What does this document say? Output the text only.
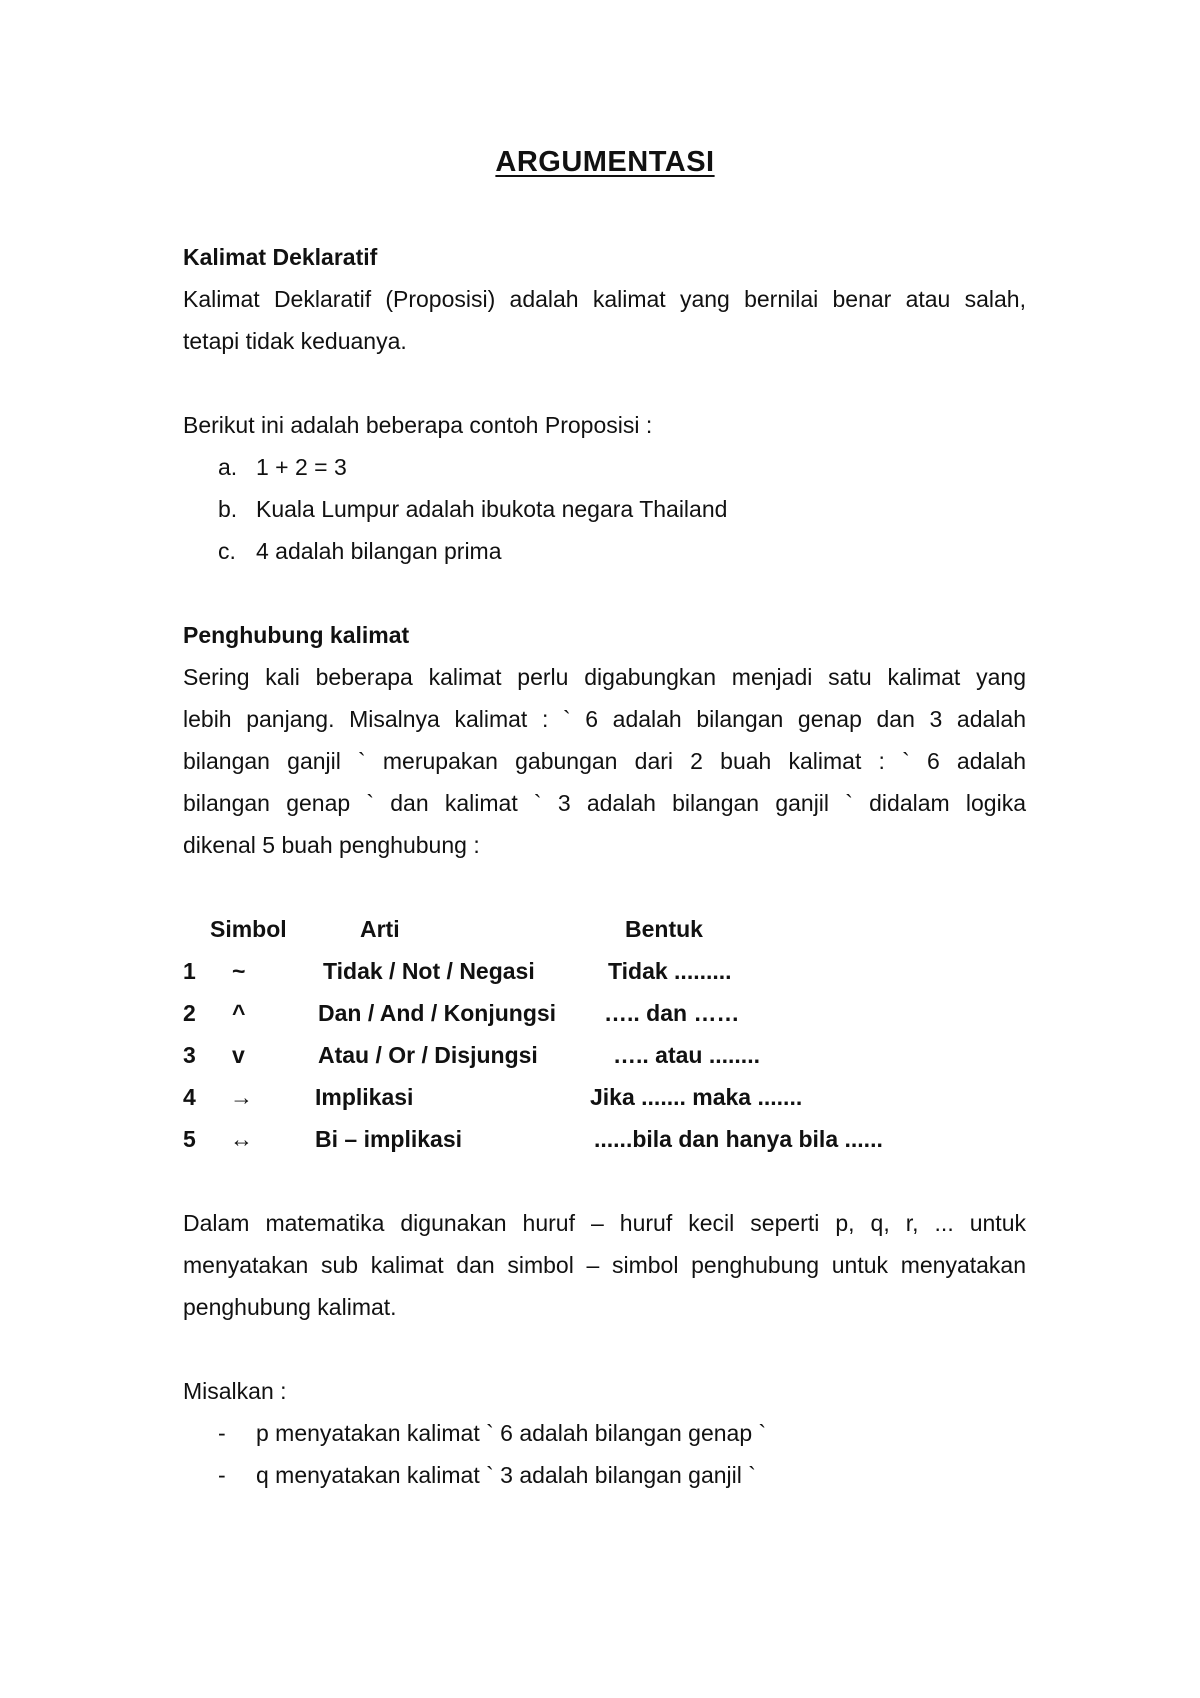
ARGUMENTASI
Kalimat Deklaratif
Kalimat Deklaratif (Proposisi) adalah kalimat yang bernilai benar atau salah,
tetapi tidak keduanya.
Berikut ini adalah beberapa contoh Proposisi :
a. 1 + 2 = 3
b. Kuala Lumpur adalah ibukota negara Thailand
c. 4 adalah bilangan prima
Penghubung kalimat
Sering kali beberapa kalimat perlu digabungkan menjadi satu kalimat yang
lebih panjang. Misalnya kalimat : ` 6 adalah bilangan genap dan 3 adalah
bilangan ganjil ` merupakan gabungan dari 2 buah kalimat : ` 6 adalah
bilangan genap ` dan kalimat ` 3 adalah bilangan ganjil ` didalam logika
dikenal 5 buah penghubung :
Simbol	Arti	Bentuk
1 ~	Tidak / Not / Negasi	Tidak .........
2 ^	Dan / And / Konjungsi ….. dan ……
3 v	Atau / Or / Disjungsi	….. atau ........
4 →	Implikasi	Jika ....... maka .......
5 ↔	Bi – implikasi	......bila dan hanya bila ......
Dalam matematika digunakan huruf – huruf kecil seperti p, q, r, ... untuk
menyatakan sub kalimat dan simbol – simbol penghubung untuk menyatakan
penghubung kalimat.
Misalkan :
- p menyatakan kalimat ` 6 adalah bilangan genap `
- q menyatakan kalimat ` 3 adalah bilangan ganjil `
